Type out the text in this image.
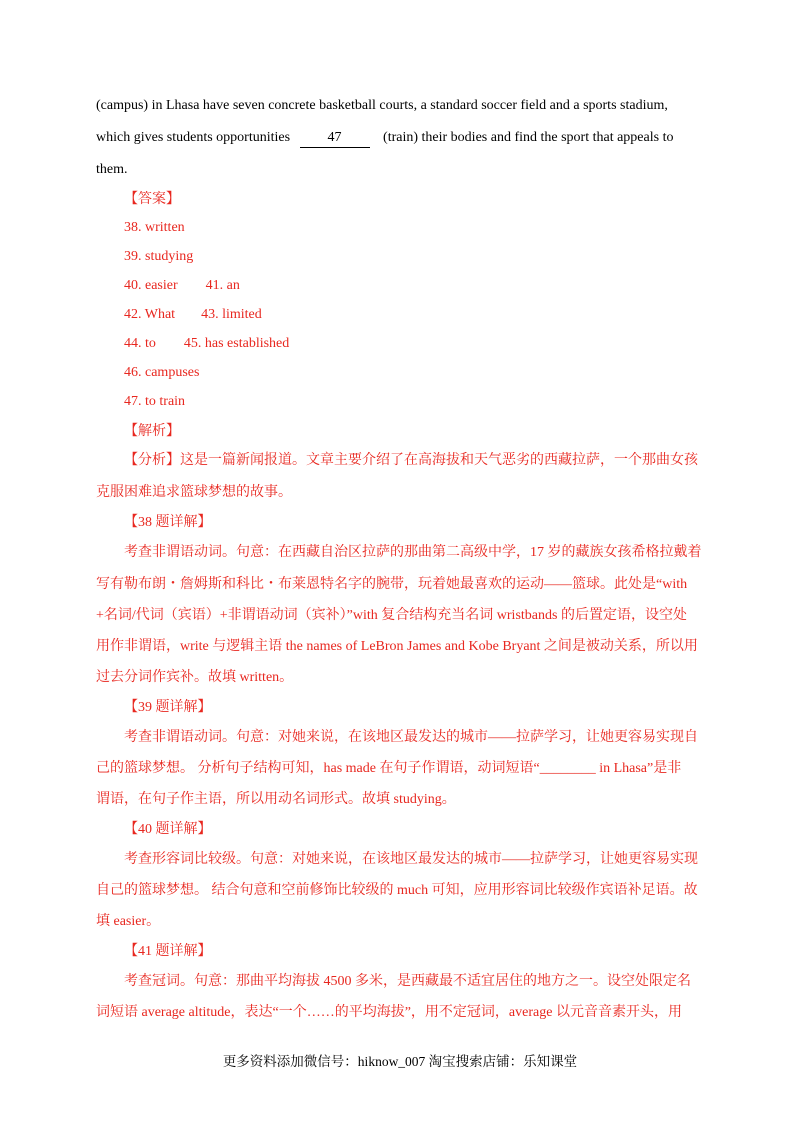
(campus) in Lhasa have seven concrete basketball courts, a standard soccer field and a sports stadium,
which gives students opportunities	47	(train) their bodies and find the sport that appeals to
them.
【答案】
38. written
39. studying
40. easier 41. an
42. What 43. limited
44. to 45. has established
46. campuses
47. to train
【解析】
【分析】这是一篇新闻报道。文章主要介绍了在高海拔和天气恶劣的西藏拉萨，一个那曲女孩
克服困难追求篮球梦想的故事。
【38 题详解】
考查非谓语动词。句意：在西藏自治区拉萨的那曲第二高级中学，17 岁的藏族女孩希格拉戴着
写有勒布朗・詹姆斯和科比・布莱恩特名字的腕带，玩着她最喜欢的运动——篮球。此处是“with
+名词/代词（宾语）+非谓语动词（宾补）”with 复合结构充当名词 wristbands 的后置定语，设空处
用作非谓语，write 与逻辑主语 the names of LeBron James and Kobe Bryant 之间是被动关系，所以用
过去分词作宾补。故填 written。
【39 题详解】
考查非谓语动词。句意：对她来说，在该地区最发达的城市——拉萨学习，让她更容易实现自
己的篮球梦想。 分析句子结构可知，has made 在句子作谓语，动词短语“________ in Lhasa”是非
谓语，在句子作主语，所以用动名词形式。故填 studying。
【40 题详解】
考查形容词比较级。句意：对她来说，在该地区最发达的城市——拉萨学习，让她更容易实现
自己的篮球梦想。 结合句意和空前修饰比较级的 much 可知，应用形容词比较级作宾语补足语。故
填 easier。
【41 题详解】
考查冠词。句意：那曲平均海拔 4500 多米，是西藏最不适宜居住的地方之一。设空处限定名
词短语 average altitude，表达“一个……的平均海拔”，用不定冠词，average 以元音音素开头，用
更多资料添加微信号：hiknow_007 淘宝搜索店铺：乐知课堂
